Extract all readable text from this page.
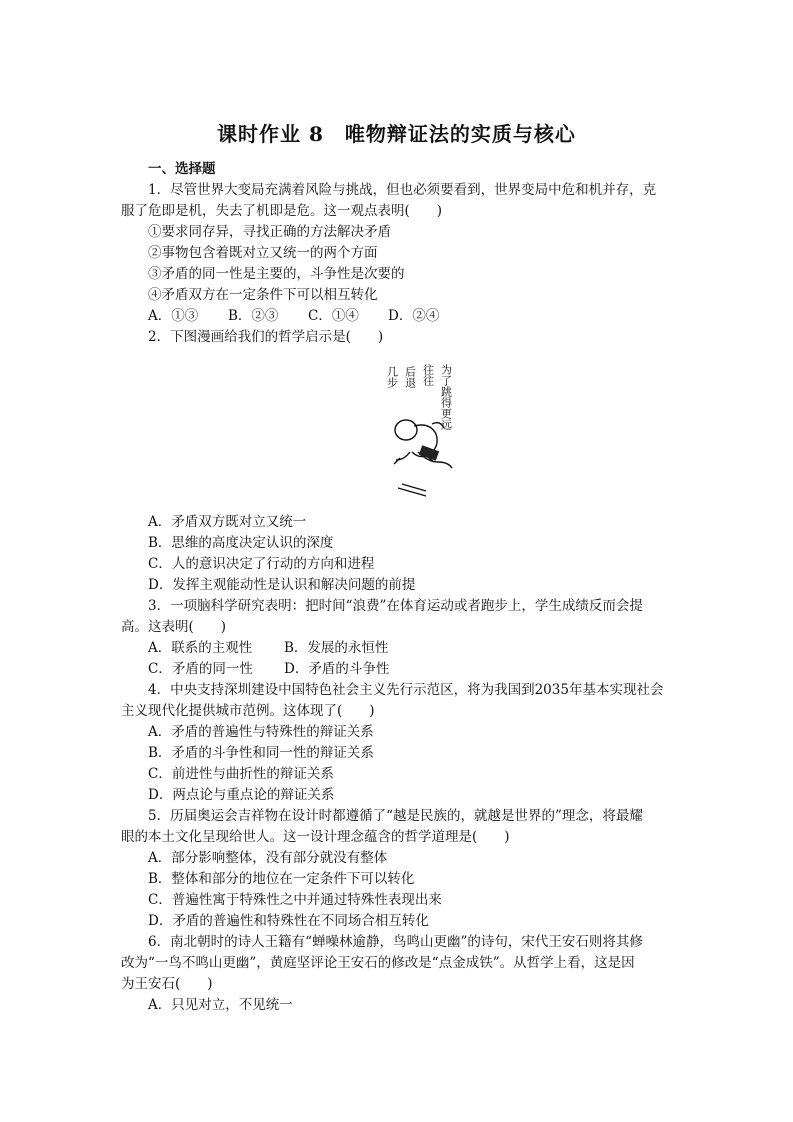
课时作业 8　唯物辩证法的实质与核心
一、选择题
1．尽管世界大变局充满着风险与挑战，但也必须要看到，世界变局中危和机并存，克
服了危即是机，失去了机即是危。这一观点表明(　　)
①要求同存异，寻找正确的方法解决矛盾
②事物包含着既对立又统一的两个方面
③矛盾的同一性是主要的，斗争性是次要的
④矛盾双方在一定条件下可以相互转化
A．①③ B．②③ C．①④ D．②④
2．下图漫画给我们的哲学启示是(　　)
为了跳得更远
往往
后退
几步
A．矛盾双方既对立又统一
B．思维的高度决定认识的深度
C．人的意识决定了行动的方向和进程
D．发挥主观能动性是认识和解决问题的前提
3．一项脑科学研究表明：把时间“浪费”在体育运动或者跑步上，学生成绩反而会提
高。这表明(　　)
A．联系的主观性 B．发展的永恒性
C．矛盾的同一性 D．矛盾的斗争性
4．中央支持深圳建设中国特色社会主义先行示范区，将为我国到2035年基本实现社会
主义现代化提供城市范例。这体现了(　　)
A．矛盾的普遍性与特殊性的辩证关系
B．矛盾的斗争性和同一性的辩证关系
C．前进性与曲折性的辩证关系
D．两点论与重点论的辩证关系
5．历届奥运会吉祥物在设计时都遵循了“越是民族的，就越是世界的”理念，将最耀
眼的本土文化呈现给世人。这一设计理念蕴含的哲学道理是(　　)
A．部分影响整体，没有部分就没有整体
B．整体和部分的地位在一定条件下可以转化
C．普遍性寓于特殊性之中并通过特殊性表现出来
D．矛盾的普遍性和特殊性在不同场合相互转化
6．南北朝时的诗人王籍有“蝉噪林逾静，鸟鸣山更幽”的诗句，宋代王安石则将其修
改为“一鸟不鸣山更幽”，黄庭坚评论王安石的修改是“点金成铁”。从哲学上看，这是因
为王安石(　　)
A．只见对立，不见统一
